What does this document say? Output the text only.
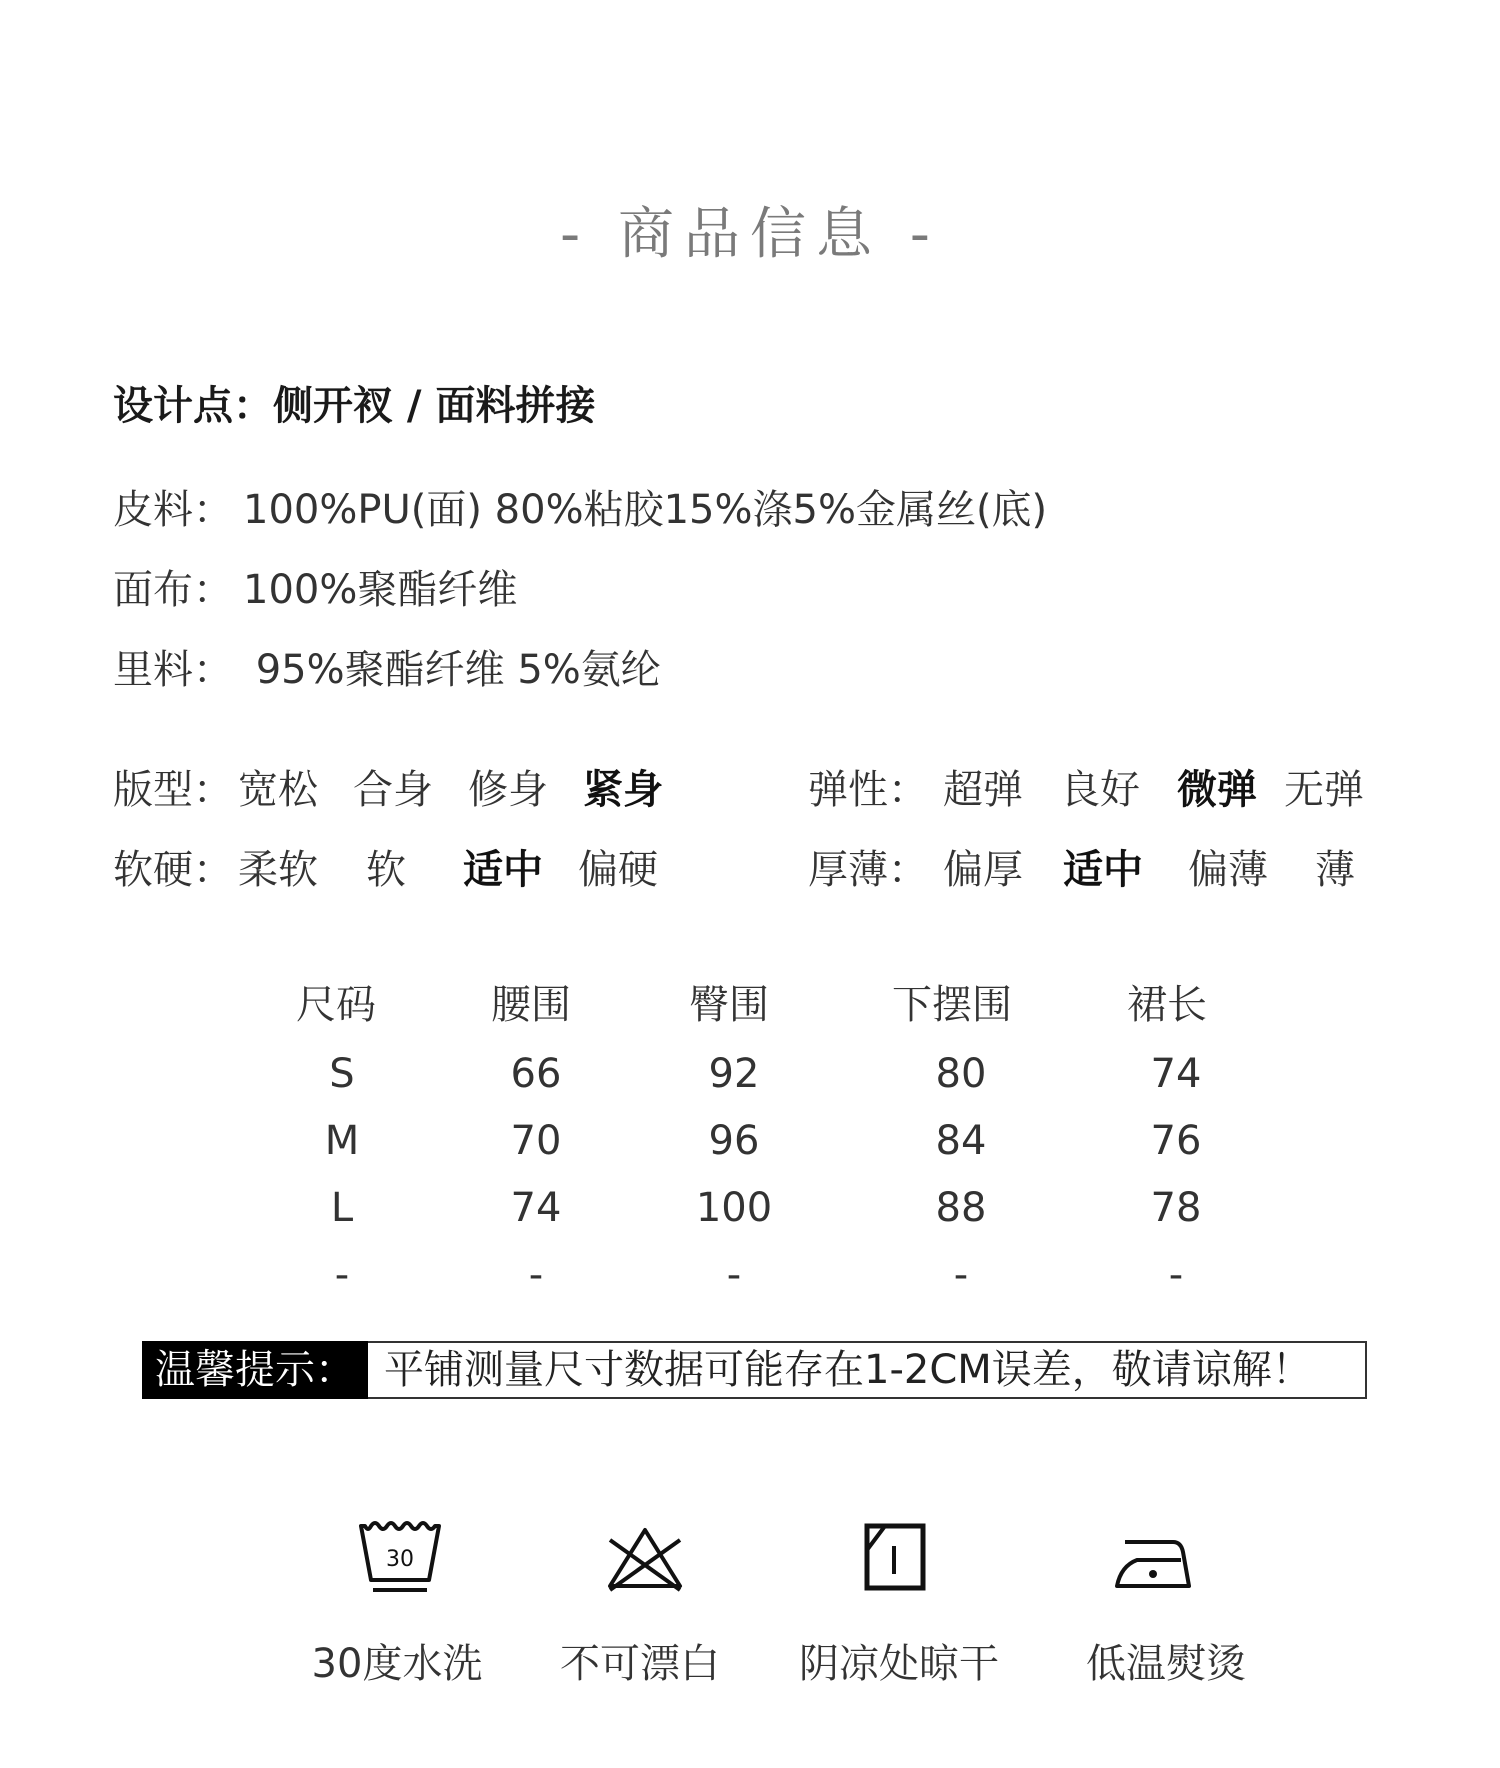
- 商品信息 -
设计点：侧开衩 / 面料拼接
皮料： 100%PU(面) 80%粘胶15%涤5%金属丝(底)
面布： 100%聚酯纤维
里料： 95%聚酯纤维 5%氨纶
版型： 宽松 合身 修身 紧身	弹性： 超弹 良好 微弹 无弹
软硬： 柔软 软 适中 偏硬	厚薄： 偏厚 适中 偏薄 薄
尺码	腰围	臀围	下摆围	裙长
S	66	92	80	74
M	70	96	84	76
L	74	100	88	78
-	-	-	-	-
温馨提示： 平铺测量尺寸数据可能存在1-2CM误差，敬请谅解！
30
30度水洗	不可漂白	阴凉处晾干	低温熨烫
